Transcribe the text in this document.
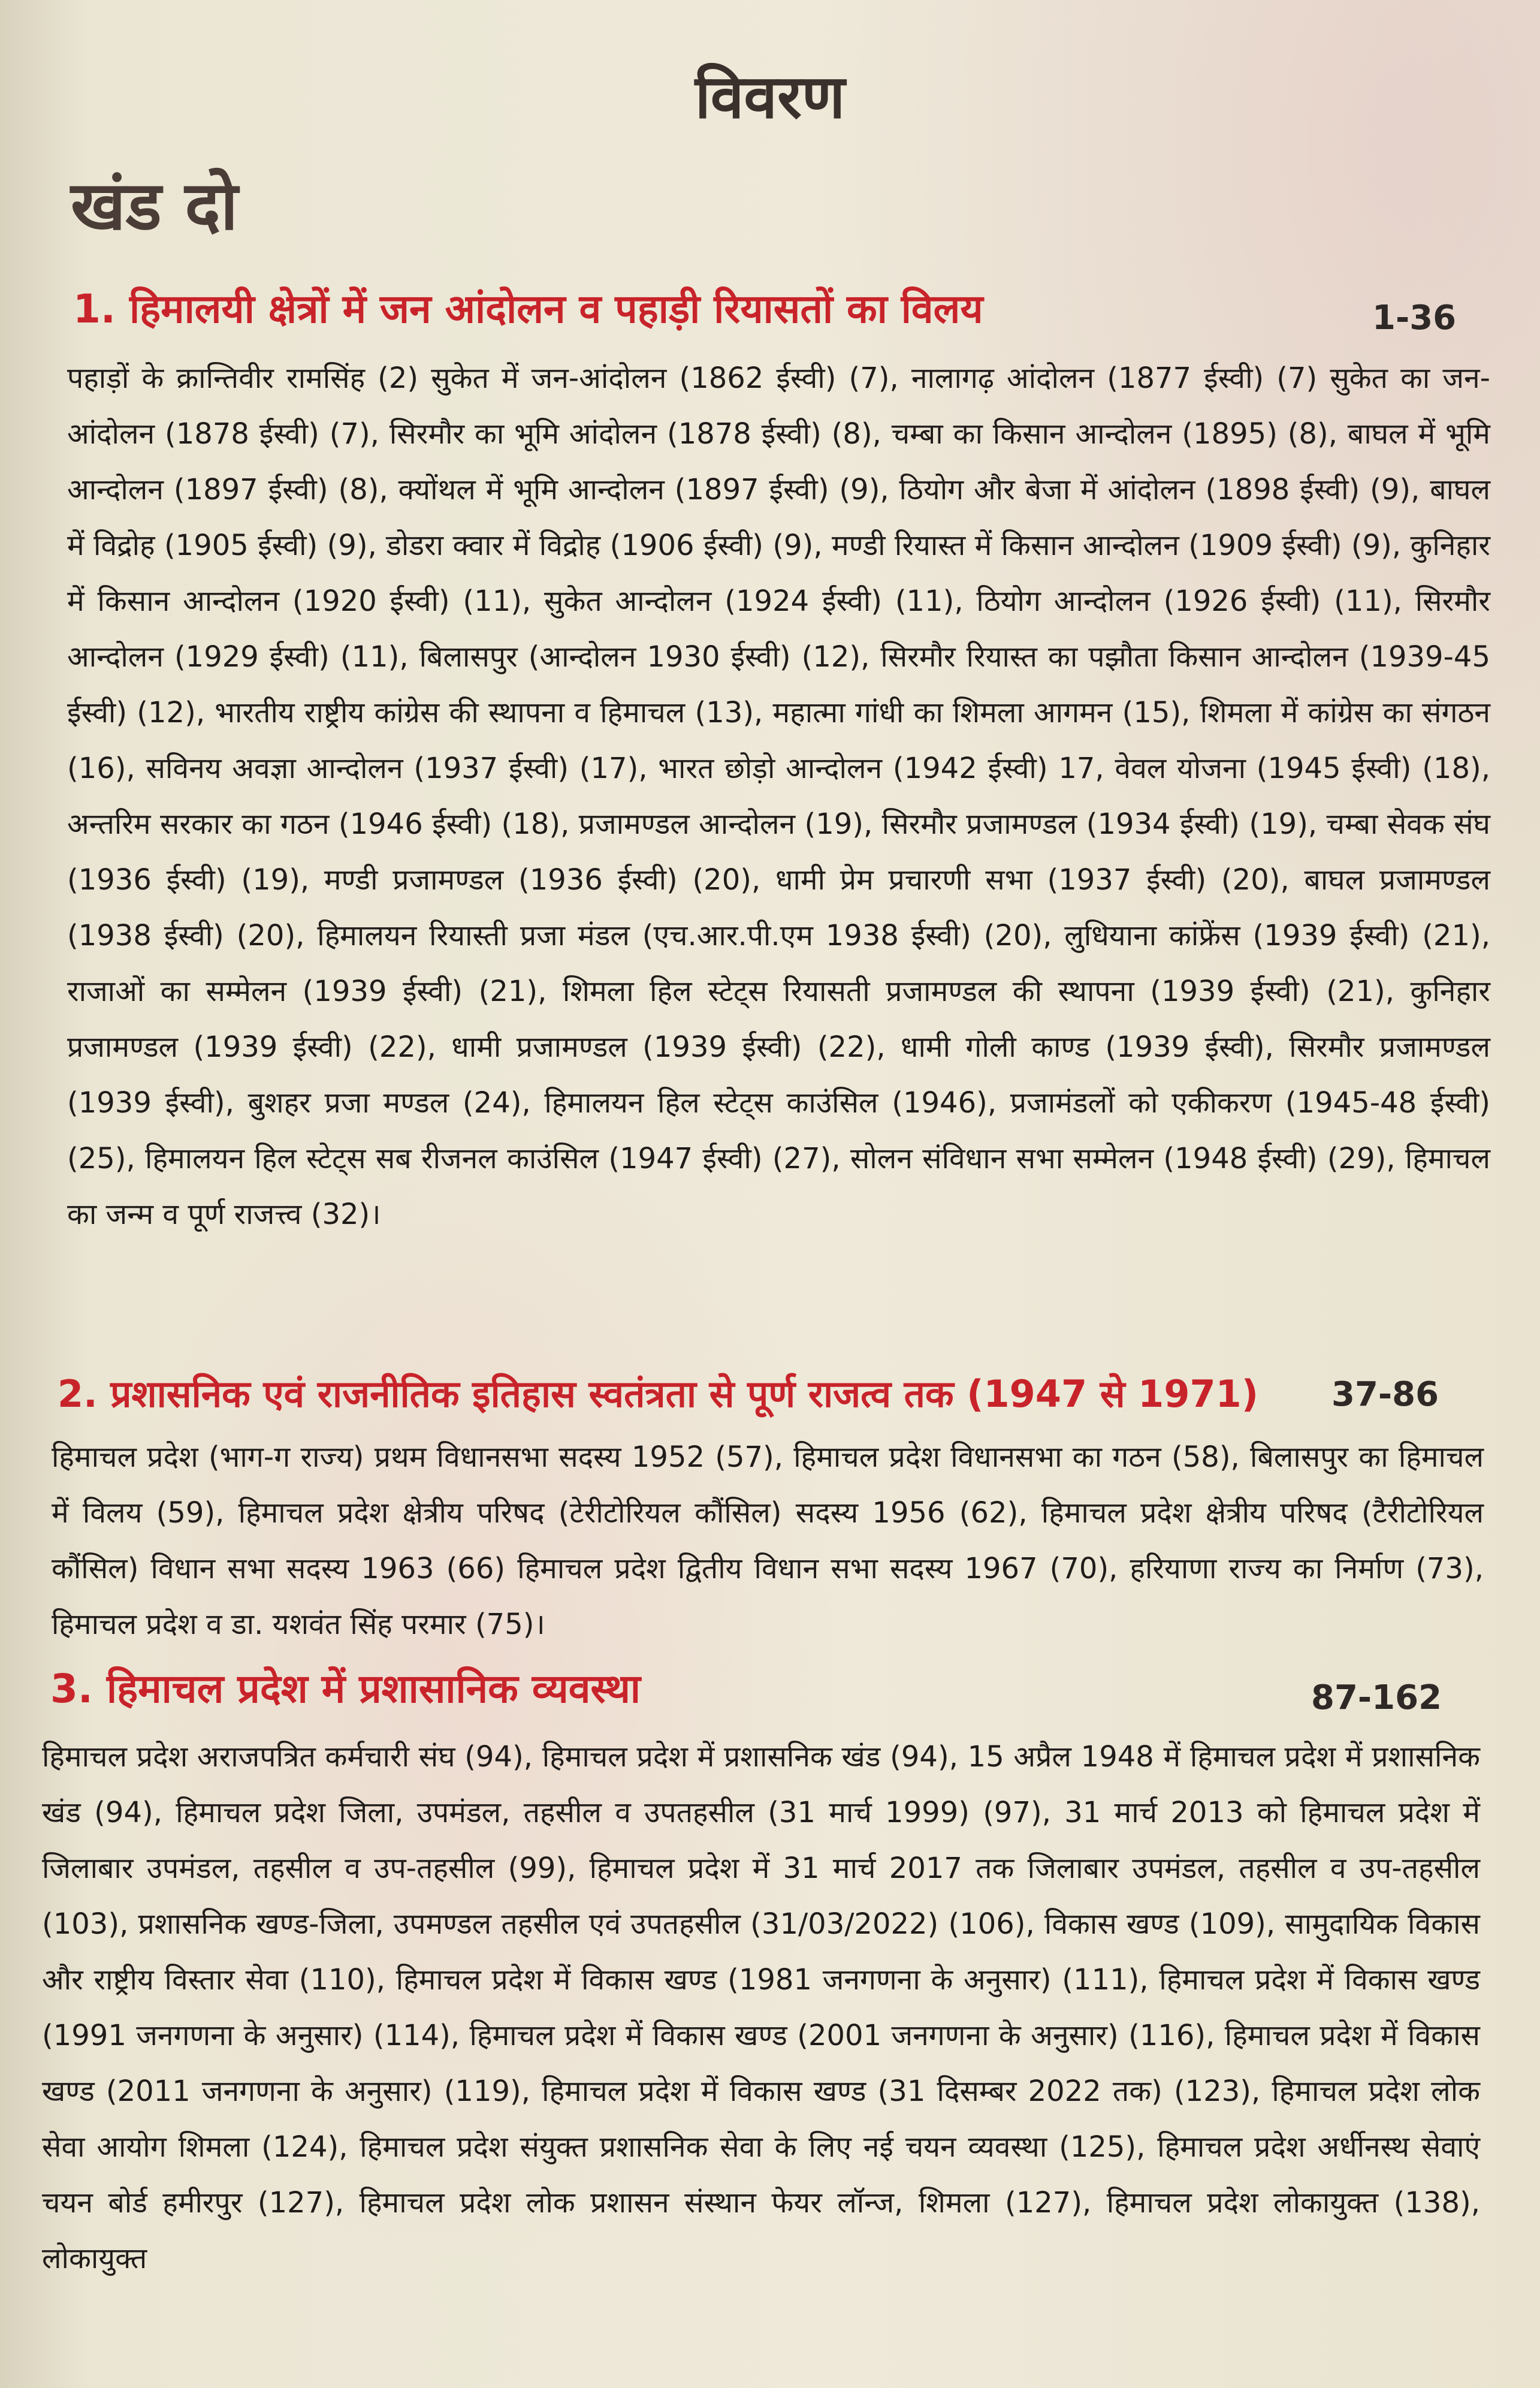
विवरण
खंड दो
1. हिमालयी क्षेत्रों में जन आंदोलन व पहाड़ी रियासतों का विलय	1-36
पहाड़ों के क्रान्तिवीर रामसिंह (2) सुकेत में जन-आंदोलन (1862 ईस्वी) (7), नालागढ़ आंदोलन (1877 ईस्वी) (7) सुकेत का जन-आंदोलन (1878 ईस्वी) (7), सिरमौर का भूमि आंदोलन (1878 ईस्वी) (8), चम्बा का किसान आन्दोलन (1895) (8), बाघल में भूमि आन्दोलन (1897 ईस्वी) (8), क्योंथल में भूमि आन्दोलन (1897 ईस्वी) (9), ठियोग और बेजा में आंदोलन (1898 ईस्वी) (9), बाघल में विद्रोह (1905 ईस्वी) (9), डोडरा क्वार में विद्रोह (1906 ईस्वी) (9), मण्डी रियास्त में किसान आन्दोलन (1909 ईस्वी) (9), कुनिहार में किसान आन्दोलन (1920 ईस्वी) (11), सुकेत आन्दोलन (1924 ईस्वी) (11), ठियोग आन्दोलन (1926 ईस्वी) (11), सिरमौर आन्दोलन (1929 ईस्वी) (11), बिलासपुर (आन्दोलन 1930 ईस्वी) (12), सिरमौर रियास्त का पझौता किसान आन्दोलन (1939-45 ईस्वी) (12), भारतीय राष्ट्रीय कांग्रेस की स्थापना व हिमाचल (13), महात्मा गांधी का शिमला आगमन (15), शिमला में कांग्रेस का संगठन (16), सविनय अवज्ञा आन्दोलन (1937 ईस्वी) (17), भारत छोड़ो आन्दोलन (1942 ईस्वी) 17, वेवल योजना (1945 ईस्वी) (18), अन्तरिम सरकार का गठन (1946 ईस्वी) (18), प्रजामण्डल आन्दोलन (19), सिरमौर प्रजामण्डल (1934 ईस्वी) (19), चम्बा सेवक संघ (1936 ईस्वी) (19), मण्डी प्रजामण्डल (1936 ईस्वी) (20), धामी प्रेम प्रचारणी सभा (1937 ईस्वी) (20), बाघल प्रजामण्डल (1938 ईस्वी) (20), हिमालयन रियास्ती प्रजा मंडल (एच.आर.पी.एम 1938 ईस्वी) (20), लुधियाना कांफ्रेंस (1939 ईस्वी) (21), राजाओं का सम्मेलन (1939 ईस्वी) (21), शिमला हिल स्टेट्स रियासती प्रजामण्डल की स्थापना (1939 ईस्वी) (21), कुनिहार प्रजामण्डल (1939 ईस्वी) (22), धामी प्रजामण्डल (1939 ईस्वी) (22), धामी गोली काण्ड (1939 ईस्वी), सिरमौर प्रजामण्डल (1939 ईस्वी), बुशहर प्रजा मण्डल (24), हिमालयन हिल स्टेट्स काउंसिल (1946), प्रजामंडलों को एकीकरण (1945-48 ईस्वी) (25), हिमालयन हिल स्टेट्स सब रीजनल काउंसिल (1947 ईस्वी) (27), सोलन संविधान सभा सम्मेलन (1948 ईस्वी) (29), हिमाचल का जन्म व पूर्ण राजत्त्व (32)।
2. प्रशासनिक एवं राजनीतिक इतिहास स्वतंत्रता से पूर्ण राजत्व तक (1947 से 1971) 37-86
हिमाचल प्रदेश (भाग-ग राज्य) प्रथम विधानसभा सदस्य 1952 (57), हिमाचल प्रदेश विधानसभा का गठन (58), बिलासपुर का हिमाचल में विलय (59), हिमाचल प्रदेश क्षेत्रीय परिषद (टेरीटोरियल कौंसिल) सदस्य 1956 (62), हिमाचल प्रदेश क्षेत्रीय परिषद (टैरीटोरियल कौंसिल) विधान सभा सदस्य 1963 (66) हिमाचल प्रदेश द्वितीय विधान सभा सदस्य 1967 (70), हरियाणा राज्य का निर्माण (73), हिमाचल प्रदेश व डा. यशवंत सिंह परमार (75)।
3. हिमाचल प्रदेश में प्रशासानिक व्यवस्था	87-162
हिमाचल प्रदेश अराजपत्रित कर्मचारी संघ (94), हिमाचल प्रदेश में प्रशासनिक खंड (94), 15 अप्रैल 1948 में हिमाचल प्रदेश में प्रशासनिक खंड (94), हिमाचल प्रदेश जिला, उपमंडल, तहसील व उपतहसील (31 मार्च 1999) (97), 31 मार्च 2013 को हिमाचल प्रदेश में जिलाबार उपमंडल, तहसील व उप-तहसील (99), हिमाचल प्रदेश में 31 मार्च 2017 तक जिलाबार उपमंडल, तहसील व उप-तहसील (103), प्रशासनिक खण्ड-जिला, उपमण्डल तहसील एवं उपतहसील (31/03/2022) (106), विकास खण्ड (109), सामुदायिक विकास और राष्ट्रीय विस्तार सेवा (110), हिमाचल प्रदेश में विकास खण्ड (1981 जनगणना के अनुसार) (111), हिमाचल प्रदेश में विकास खण्ड (1991 जनगणना के अनुसार) (114), हिमाचल प्रदेश में विकास खण्ड (2001 जनगणना के अनुसार) (116), हिमाचल प्रदेश में विकास खण्ड (2011 जनगणना के अनुसार) (119), हिमाचल प्रदेश में विकास खण्ड (31 दिसम्बर 2022 तक) (123), हिमाचल प्रदेश लोक सेवा आयोग शिमला (124), हिमाचल प्रदेश संयुक्त प्रशासनिक सेवा के लिए नई चयन व्यवस्था (125), हिमाचल प्रदेश अर्धीनस्थ सेवाएं चयन बोर्ड हमीरपुर (127), हिमाचल प्रदेश लोक प्रशासन संस्थान फेयर लॉन्ज, शिमला (127), हिमाचल प्रदेश लोकायुक्त (138), लोकायुक्त
